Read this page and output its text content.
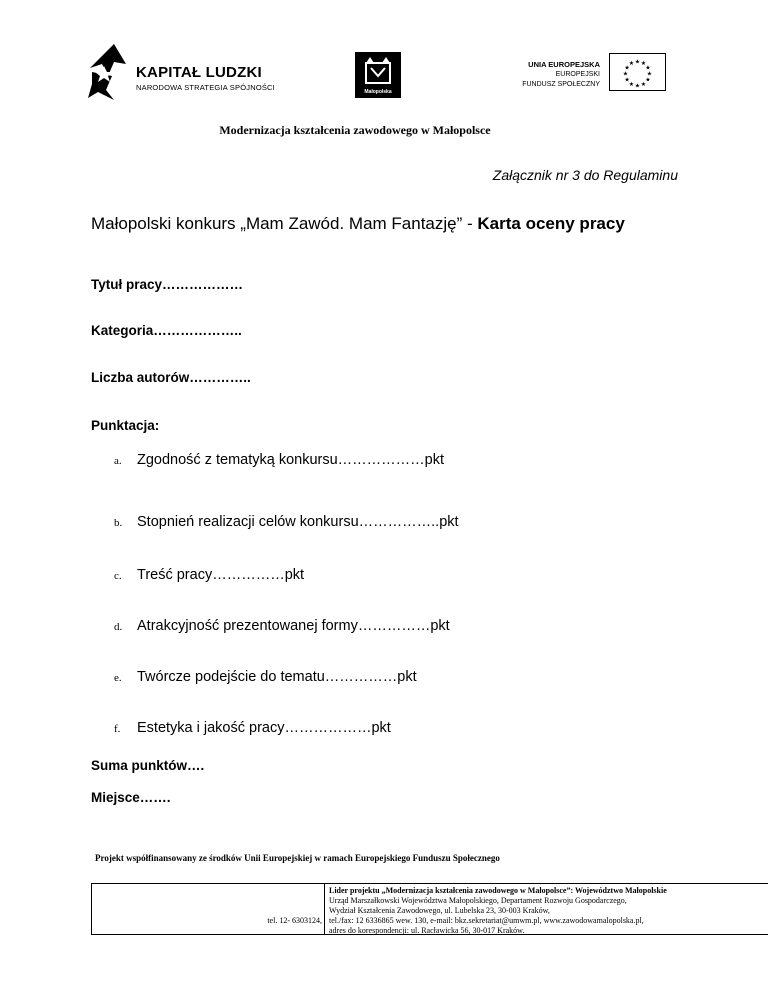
KAPITAŁ LUDZKI
NARODOWA STRATEGIA SPÓJNOŚCI	Małopolska
UNIA EUROPEJSKA
EUROPEJSKI
FUNDUSZ SPOŁECZNY
★ ★
★
★
★
★
★
★
★
★
★
★
Modernizacja kształcenia zawodowego w Małopolsce
Załącznik nr 3 do Regulaminu
Małopolski konkurs „Mam Zawód. Mam Fantazję” - Karta oceny pracy
Tytuł pracy………………
Kategoria………………..
Liczba autorów…………..
Punktacja:
a. Zgodność z tematyką konkursu………………pkt
b. Stopnień realizacji celów konkursu……………..pkt
c. Treść pracy……………pkt
d. Atrakcyjność prezentowanej formy……………pkt
e. Twórcze podejście do tematu……………pkt
f. Estetyka i jakość pracy………………pkt
Suma punktów….
Miejsce…….
Projekt współfinansowany ze środków Unii Europejskiej w ramach Europejskiego Funduszu Społecznego
tel. 12- 6303124,
Lider projektu „Modernizacja kształcenia zawodowego w Małopolsce”: Województwo Małopolskie
Urząd Marszałkowski Województwa Małopolskiego, Departament Rozwoju Gospodarczego,
Wydział Kształcenia Zawodowego, ul. Lubelska 23, 30-003 Kraków,
tel./fax: 12 6336865 wew. 130, e-mail: bkz.sekretariat@umwm.pl, www.zawodowamalopolska.pl,
adres do korespondencji: ul. Racławicka 56, 30-017 Kraków.
